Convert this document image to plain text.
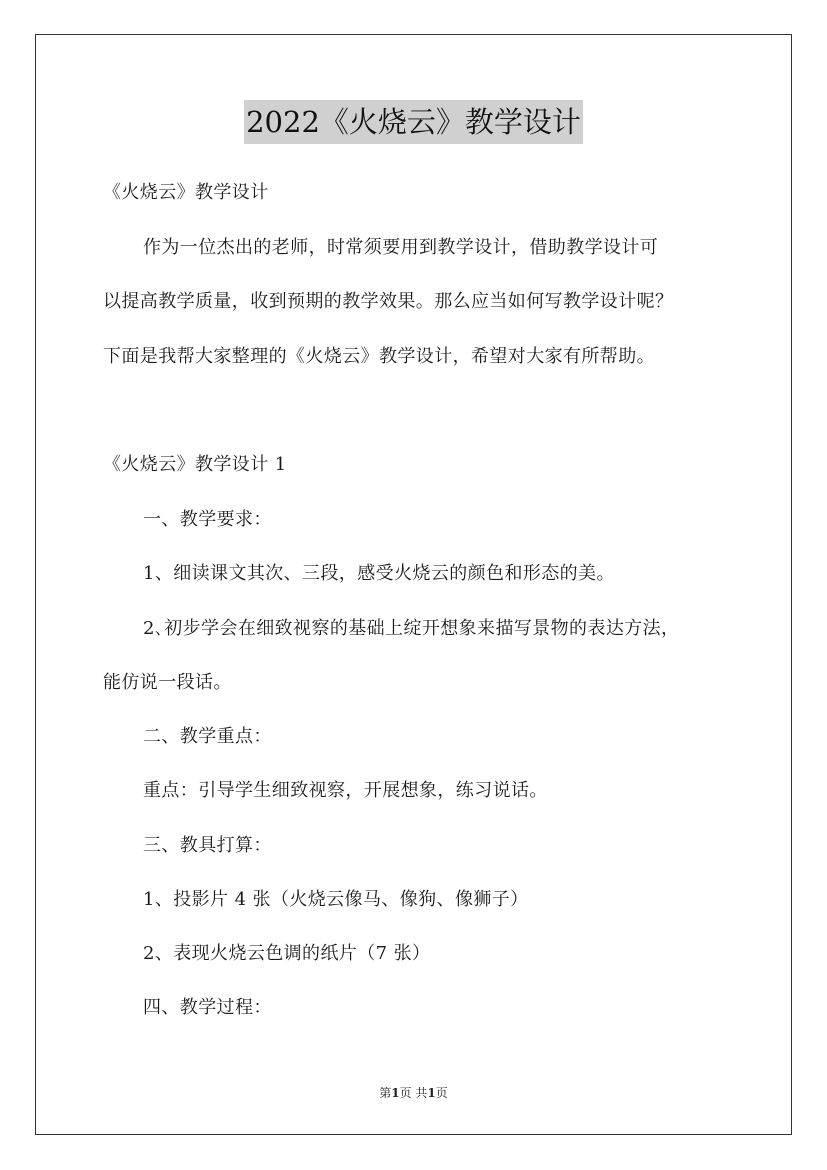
2022《火烧云》教学设计
《火烧云》教学设计
作为一位杰出的老师，时常须要用到教学设计，借助教学设计可
以提高教学质量，收到预期的教学效果。那么应当如何写教学设计呢？
下面是我帮大家整理的《火烧云》教学设计，希望对大家有所帮助。
《火烧云》教学设计 1
一、教学要求：
1、细读课文其次、三段，感受火烧云的颜色和形态的美。
2､初步学会在细致视察的基础上绽开想象来描写景物的表达方法，
能仿说一段话。
二、教学重点：
重点：引导学生细致视察，开展想象，练习说话。
三、教具打算：
1、投影片 4 张（火烧云像马、像狗、像狮子）
2、表现火烧云色调的纸片（7 张）
四、教学过程：
第1页 共1页
